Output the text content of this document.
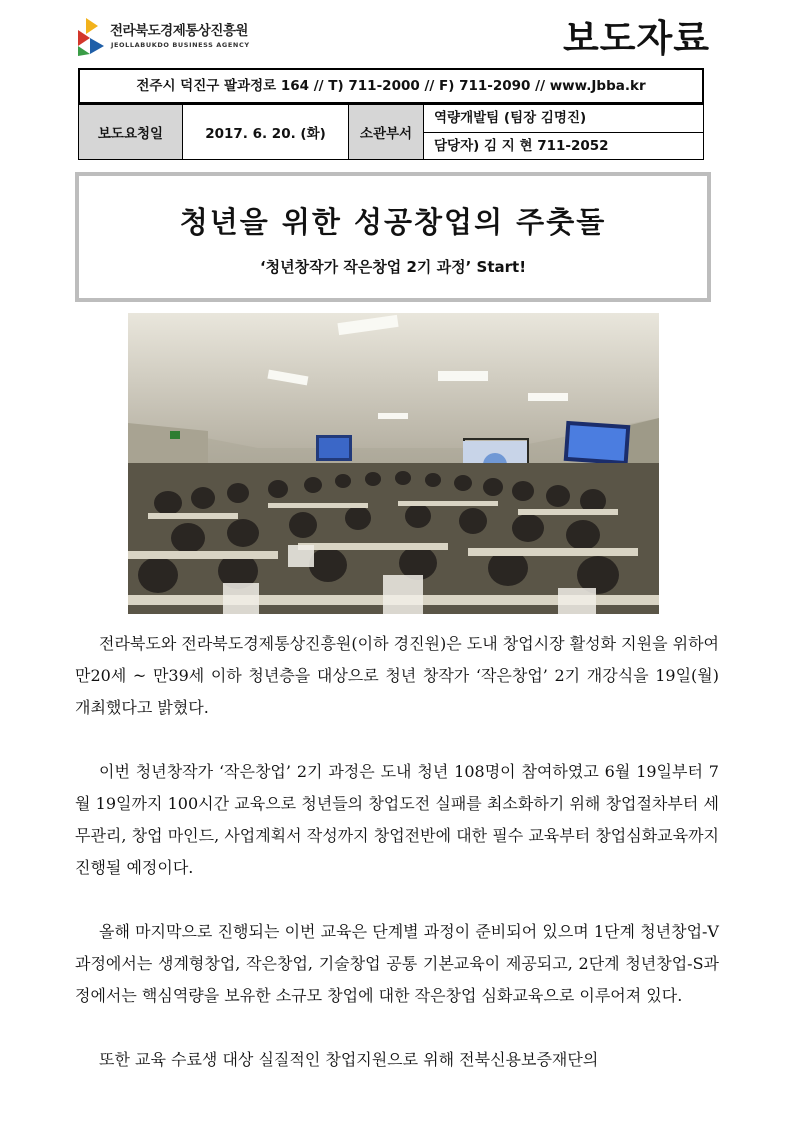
전라북도경제통상진흥원
JEOLLABUKDO BUSINESS AGENCY	보도자료
전주시 덕진구 팔과정로 164 // T) 711-2000 // F) 711-2090 // www.Jbba.kr
보도요청일	2017. 6. 20. (화)	소관부서	역량개발팀 (팀장 김명진)
담당자) 김 지 현 711-2052
청년을 위한 성공창업의 주춧돌
‘청년창작가 작은창업 2기 과정’ Start!

전라북도와 전라북도경제통상진흥원(이하 경진원)은 도내 창업시장 활성화 지원을 위하여 만20세 ~ 만39세 이하 청년층을 대상으로 청년 창작가 ‘작은창업’ 2기 개강식을 19일(월) 개최했다고 밝혔다.

이번 청년창작가 ‘작은창업’ 2기 과정은 도내 청년 108명이 참여하였고 6월 19일부터 7월 19일까지 100시간 교육으로 청년들의 창업도전 실패를 최소화하기 위해 창업절차부터 세무관리, 창업 마인드, 사업계획서 작성까지 창업전반에 대한 필수 교육부터 창업심화교육까지 진행될 예정이다.

올해 마지막으로 진행되는 이번 교육은 단계별 과정이 준비되어 있으며 1단계 청년창업-V과정에서는 생계형창업, 작은창업, 기술창업 공통 기본교육이 제공되고, 2단계 청년창업-S과정에서는 핵심역량을 보유한 소규모 창업에 대한 작은창업 심화교육으로 이루어져 있다.

또한 교육 수료생 대상 실질적인 창업지원으로 위해 전북신용보증재단의
